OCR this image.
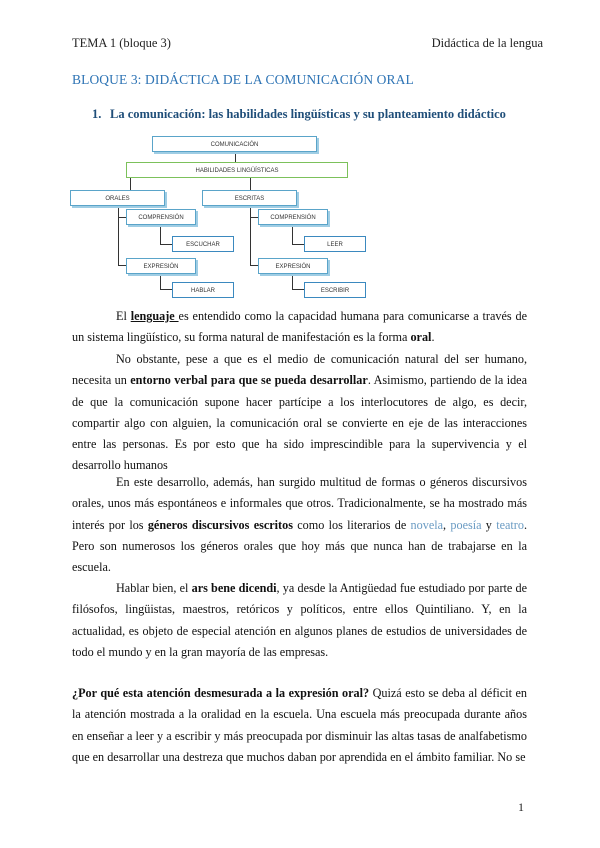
TEMA 1 (bloque 3)	Didáctica de la lengua
BLOQUE 3: DIDÁCTICA DE LA COMUNICACIÓN ORAL
1. La comunicación: las habilidades lingüísticas y su planteamiento didáctico
COMUNICACIÓN
HABILIDADES LINGÜÍSTICAS
ORALES	ESCRITAS
COMPRENSIÓN
ESCUCHAR
EXPRESIÓN
HABLAR
COMPRENSIÓN
LEER
EXPRESIÓN
ESCRIBIR
El lenguaje es entendido como la capacidad humana para comunicarse a través de un sistema lingüístico, su forma natural de manifestación es la forma oral.
No obstante, pese a que es el medio de comunicación natural del ser humano, necesita un entorno verbal para que se pueda desarrollar. Asimismo, partiendo de la idea de que la comunicación supone hacer partícipe a los interlocutores de algo, es decir, compartir algo con alguien, la comunicación oral se convierte en eje de las interacciones entre las personas. Es por esto que ha sido imprescindible para la supervivencia y el desarrollo humanos
En este desarrollo, además, han surgido multitud de formas o géneros discursivos orales, unos más espontáneos e informales que otros. Tradicionalmente, se ha mostrado más interés por los géneros discursivos escritos como los literarios de novela, poesía y teatro. Pero son numerosos los géneros orales que hoy más que nunca han de trabajarse en la escuela.
Hablar bien, el ars bene dicendi, ya desde la Antigüedad fue estudiado por parte de filósofos, lingüistas, maestros, retóricos y políticos, entre ellos Quintiliano. Y, en la actualidad, es objeto de especial atención en algunos planes de estudios de universidades de todo el mundo y en la gran mayoría de las empresas.
¿Por qué esta atención desmesurada a la expresión oral? Quizá esto se deba al déficit en la atención mostrada a la oralidad en la escuela. Una escuela más preocupada durante años en enseñar a leer y a escribir y más preocupada por disminuir las altas tasas de analfabetismo que en desarrollar una destreza que muchos daban por aprendida en el ámbito familiar. No se
1
